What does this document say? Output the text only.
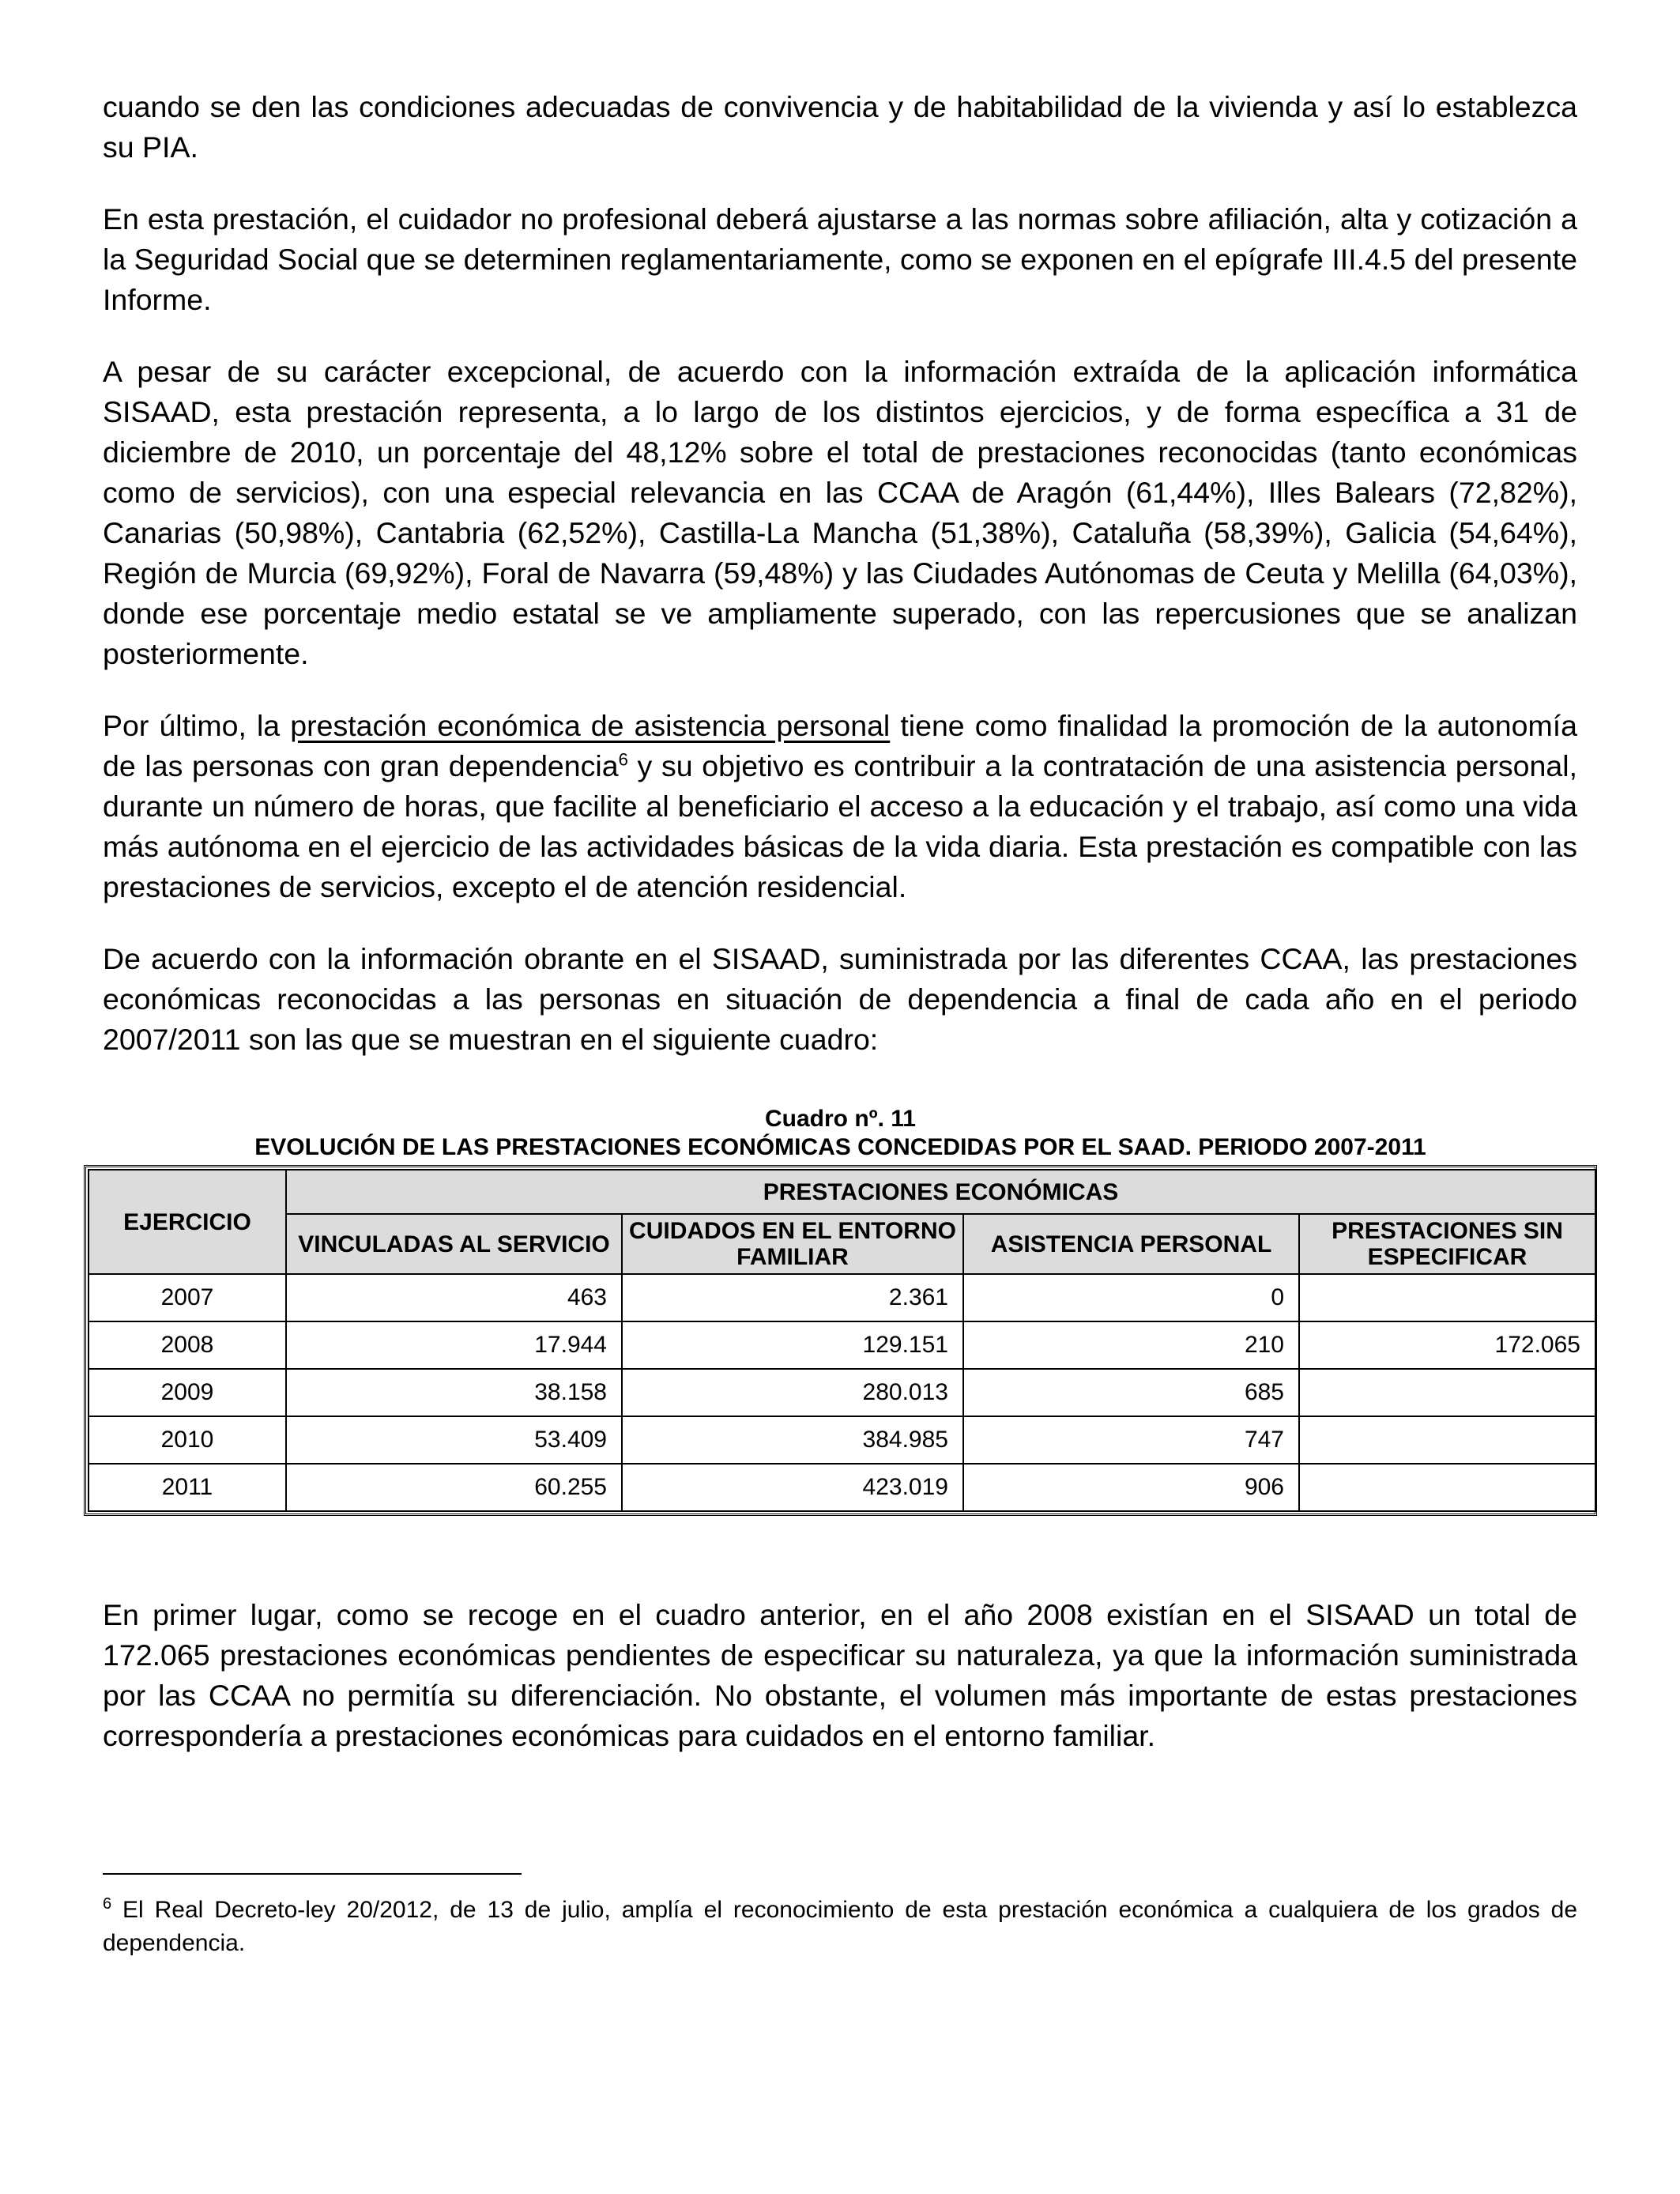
cuando se den las condiciones adecuadas de convivencia y de habitabilidad de la vivienda y así lo establezca su PIA.

En esta prestación, el cuidador no profesional deberá ajustarse a las normas sobre afiliación, alta y cotización a la Seguridad Social que se determinen reglamentariamente, como se exponen en el epígrafe III.4.5 del presente Informe.

A pesar de su carácter excepcional, de acuerdo con la información extraída de la aplicación informática SISAAD, esta prestación representa, a lo largo de los distintos ejercicios, y de forma específica a 31 de diciembre de 2010, un porcentaje del 48,12% sobre el total de prestaciones reconocidas (tanto económicas como de servicios), con una especial relevancia en las CCAA de Aragón (61,44%), Illes Balears (72,82%), Canarias (50,98%), Cantabria (62,52%), Castilla-La Mancha (51,38%), Cataluña (58,39%), Galicia (54,64%), Región de Murcia (69,92%), Foral de Navarra (59,48%) y las Ciudades Autónomas de Ceuta y Melilla (64,03%), donde ese porcentaje medio estatal se ve ampliamente superado, con las repercusiones que se analizan posteriormente.

Por último, la prestación económica de asistencia personal tiene como finalidad la promoción de la autonomía de las personas con gran dependencia$^6$ y su objetivo es contribuir a la contratación de una asistencia personal, durante un número de horas, que facilite al beneficiario el acceso a la educación y el trabajo, así como una vida más autónoma en el ejercicio de las actividades básicas de la vida diaria. Esta prestación es compatible con las prestaciones de servicios, excepto el de atención residencial.

De acuerdo con la información obrante en el SISAAD, suministrada por las diferentes CCAA, las prestaciones económicas reconocidas a las personas en situación de dependencia a final de cada año en el periodo 2007/2011 son las que se muestran en el siguiente cuadro:

Cuadro nº. 11
EVOLUCIÓN DE LAS PRESTACIONES ECONÓMICAS CONCEDIDAS POR EL SAAD. PERIODO 2007-2011
EJERCICIO	PRESTACIONES ECONÓMICAS			
	VINCULADAS AL SERVICIO	CUIDADOS EN EL ENTORNO FAMILIAR	ASISTENCIA PERSONAL	PRESTACIONES SIN ESPECIFICAR
2007	463	2.361	0	
2008	17.944	129.151	210	172.065
2009	38.158	280.013	685	
2010	53.409	384.985	747	
2011	60.255	423.019	906	

En primer lugar, como se recoge en el cuadro anterior, en el año 2008 existían en el SISAAD un total de 172.065 prestaciones económicas pendientes de especificar su naturaleza, ya que la información suministrada por las CCAA no permitía su diferenciación. No obstante, el volumen más importante de estas prestaciones correspondería a prestaciones económicas para cuidados en el entorno familiar.

$^6$ El Real Decreto-ley 20/2012, de 13 de julio, amplía el reconocimiento de esta prestación económica a cualquiera de los grados de dependencia.
